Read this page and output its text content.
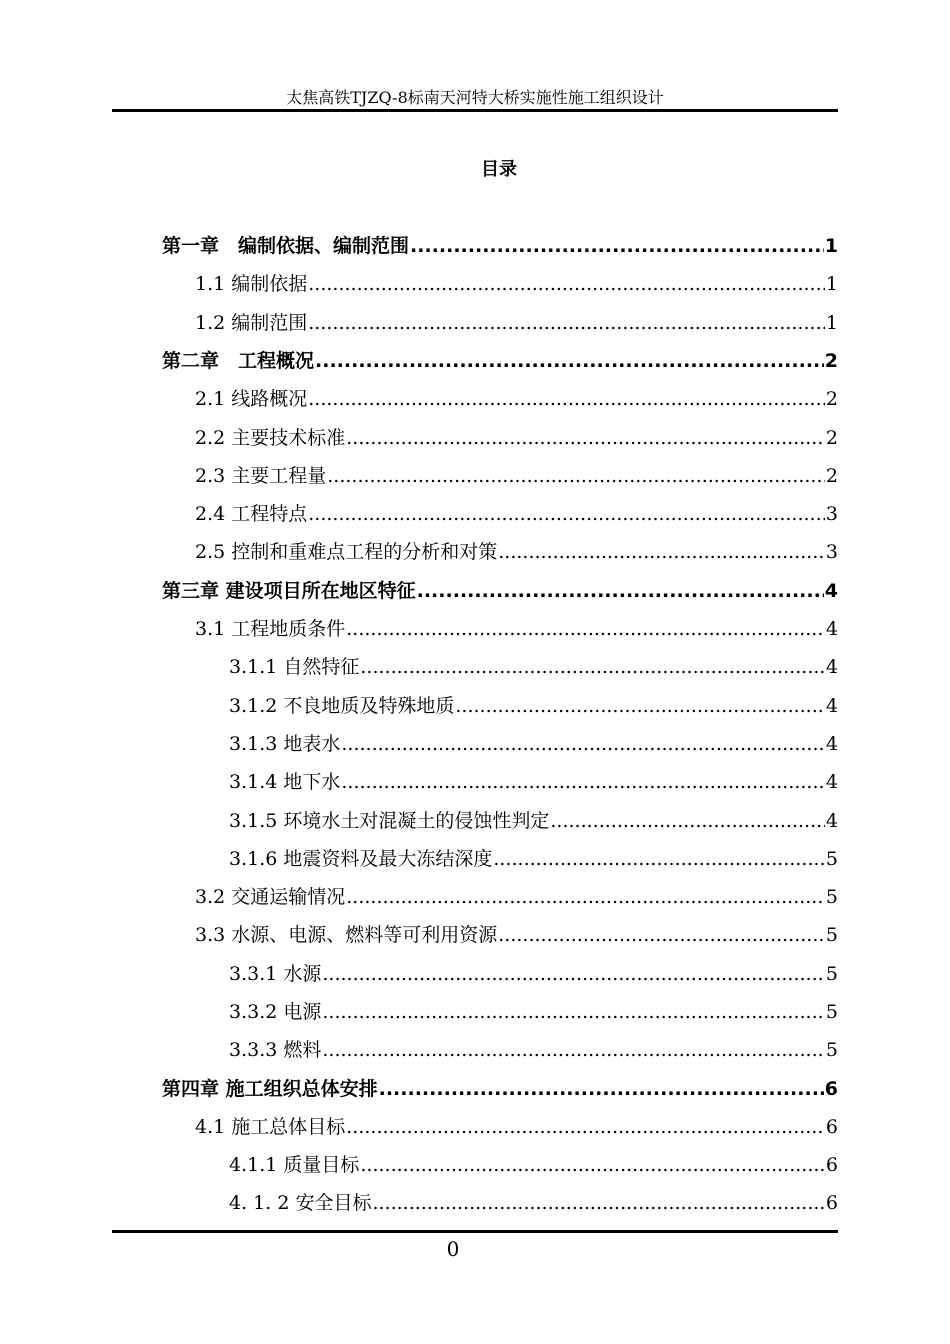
太焦高铁TJZQ-8标南天河特大桥实施性施工组织设计
目录
第一章　编制依据、编制范围 .....	1
1.1 编制依据 .....	1
1.2 编制范围 .....	1
第二章　工程概况 .....	2
2.1 线路概况 .....	2
2.2 主要技术标准 .....	2
2.3 主要工程量 .....	2
2.4 工程特点 .....	3
2.5 控制和重难点工程的分析和对策 .....	3
第三章 建设项目所在地区特征 .....	4
3.1 工程地质条件 .....	4
3.1.1 自然特征 .....	4
3.1.2 不良地质及特殊地质 .....	4
3.1.3 地表水 .....	4
3.1.4 地下水 .....	4
3.1.5 环境水土对混凝土的侵蚀性判定 .....	4
3.1.6 地震资料及最大冻结深度 .....	5
3.2 交通运输情况 .....	5
3.3 水源、电源、燃料等可利用资源 .....	5
3.3.1 水源 .....	5
3.3.2 电源 .....	5
3.3.3 燃料 .....	5
第四章 施工组织总体安排 .....	6
4.1 施工总体目标 .....	6
4.1.1 质量目标 .....	6
4. 1. 2 安全目标 .....	6
0
